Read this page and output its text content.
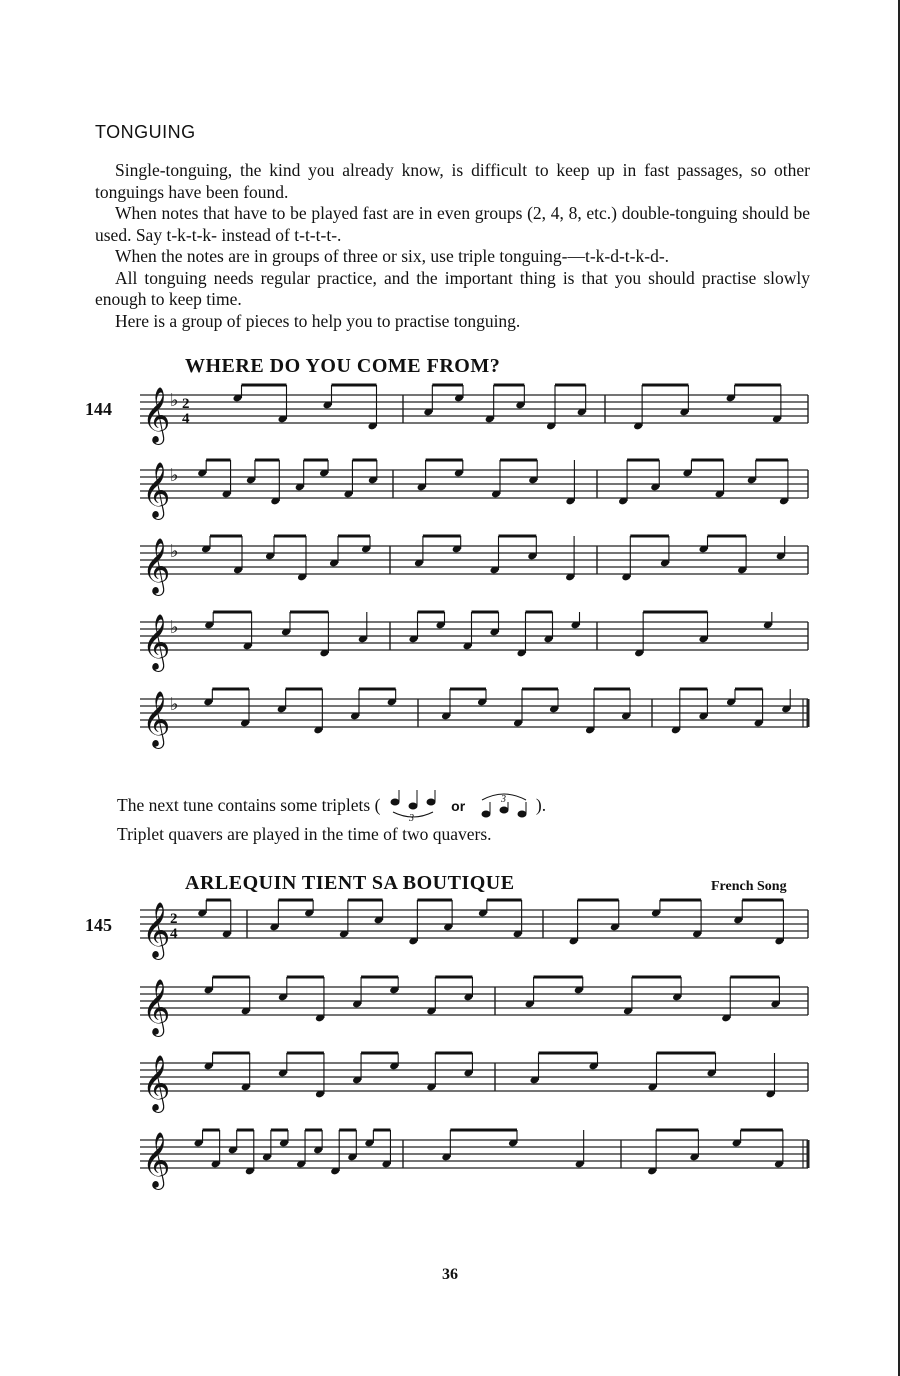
TONGUING

Single-tonguing, the kind you already know, is difficult to keep up in fast passages, so other tonguings have been found.

When notes that have to be played fast are in even groups (2, 4, 8, etc.) double-tonguing should be used. Say t-k-t-k- instead of t-t-t-t-.

When the notes are in groups of three or six, use triple tonguing-—t-k-d-t-k-d-.

All tonguing needs regular practice, and the important thing is that you should practise slowly enough to keep time.

Here is a group of pieces to help you to practise tonguing.

WHERE DO YOU COME FROM?
144
The next tune contains some triplets (
3
or	3 ).
Triplet quavers are played in the time of two quavers.
ARLEQUIN TIENT SA BOUTIQUE	French Song
145
𝄞 ♭ 2
4
𝄞 ♭
𝄞 ♭
𝄞 ♭
𝄞 ♭
𝄞 2
4
𝄞
𝄞
𝄞
36
